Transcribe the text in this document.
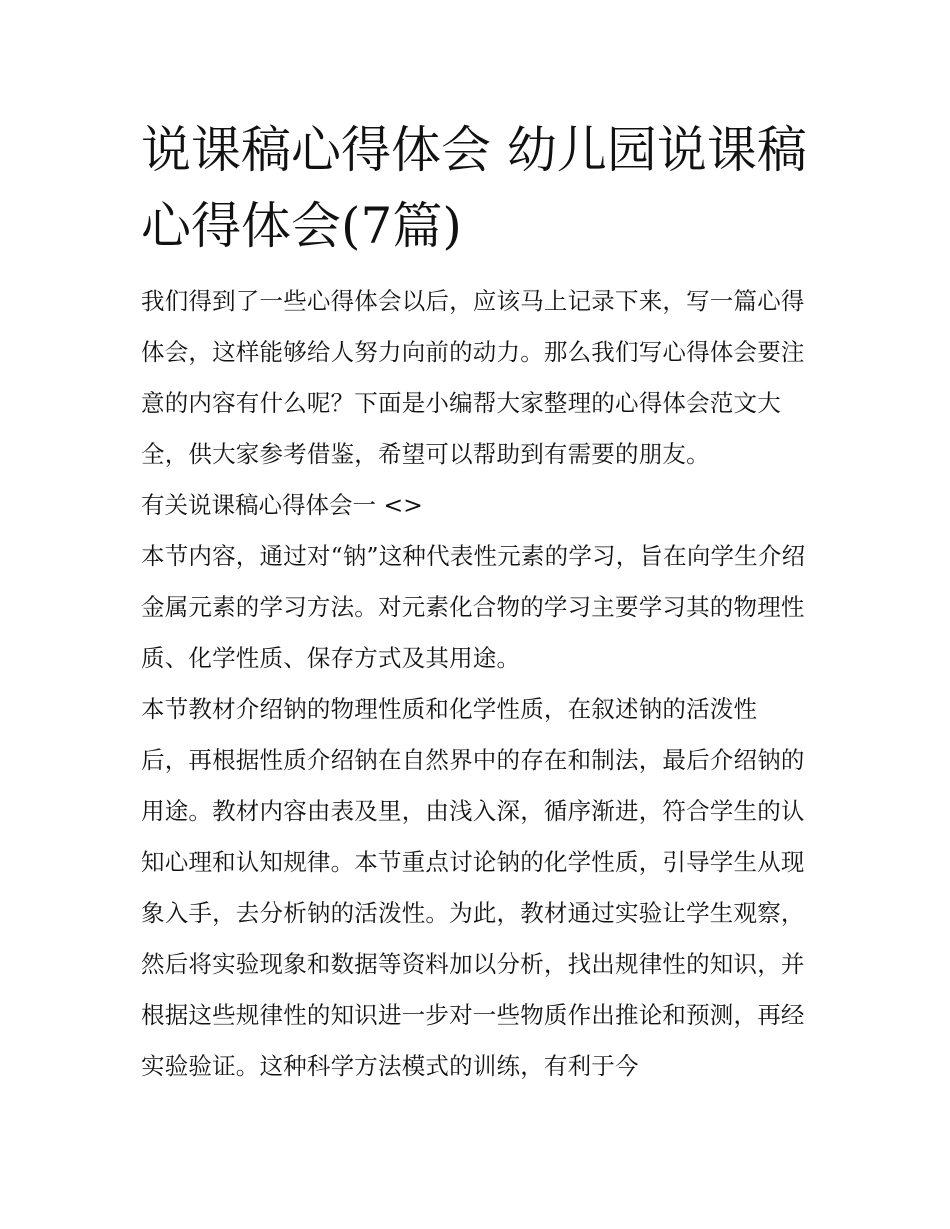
说课稿心得体会 幼儿园说课稿
心得体会(7篇)

我们得到了一些心得体会以后，应该马上记录下来，写一篇心得体会，这样能够给人努力向前的动力。那么我们写心得体会要注意的内容有什么呢？下面是小编帮大家整理的心得体会范文大全，供大家参考借鉴，希望可以帮助到有需要的朋友。

有关说课稿心得体会一 <>

本节内容，通过对“钠”这种代表性元素的学习，旨在向学生介绍金属元素的学习方法。对元素化合物的学习主要学习其的物理性质、化学性质、保存方式及其用途。

本节教材介绍钠的物理性质和化学性质，在叙述钠的活泼性
后，再根据性质介绍钠在自然界中的存在和制法，最后介绍钠的用途。教材内容由表及里，由浅入深，循序渐进，符合学生的认知心理和认知规律。本节重点讨论钠的化学性质，引导学生从现象入手，去分析钠的活泼性。为此，教材通过实验让学生观察，然后将实验现象和数据等资料加以分析，找出规律性的知识，并根据这些规律性的知识进一步对一些物质作出推论和预测，再经实验验证。这种科学方法模式的训练，有利于今
